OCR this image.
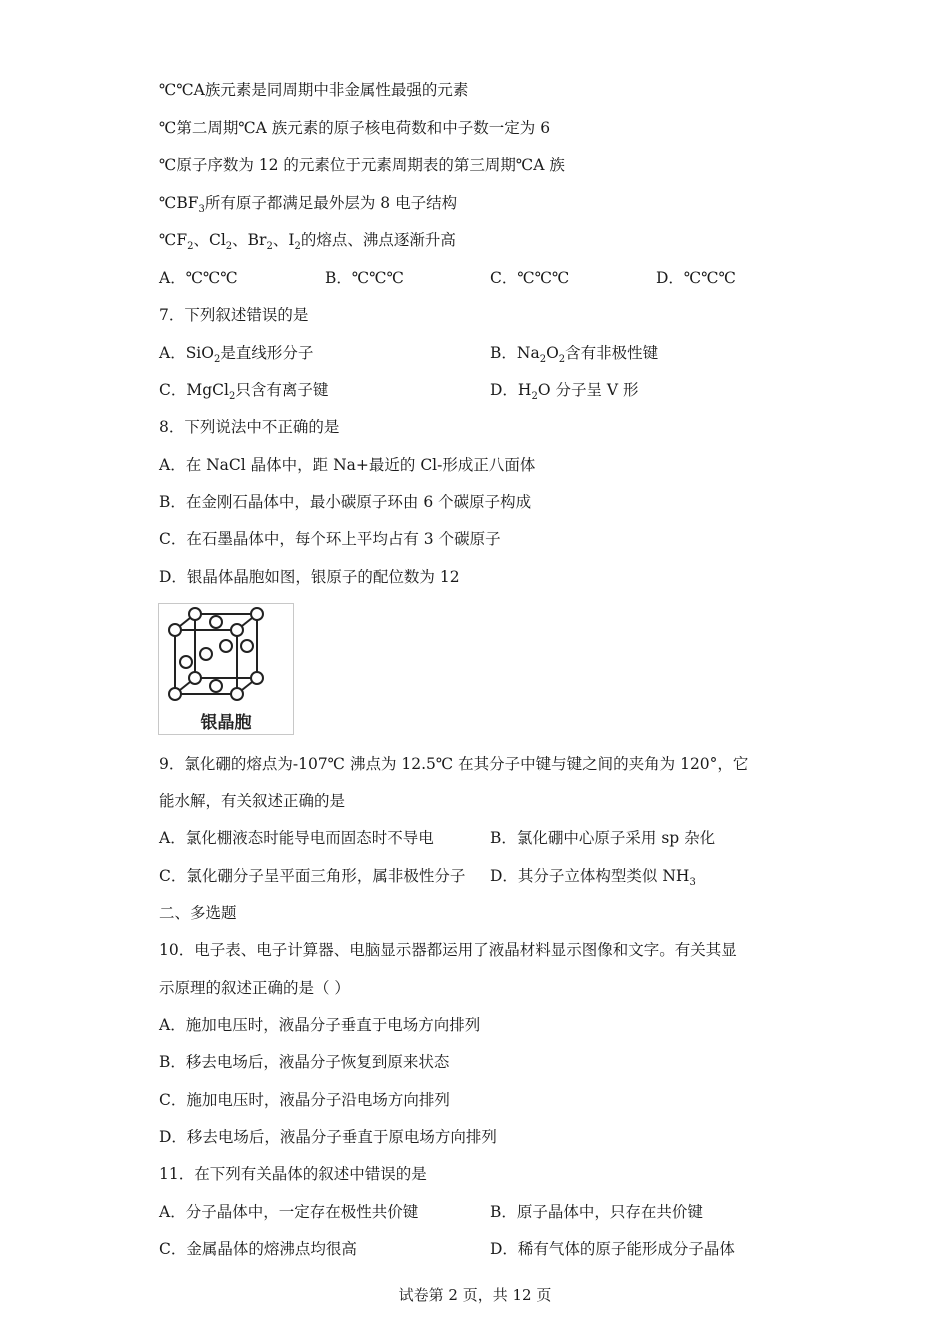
℃℃A族元素是同周期中非金属性最强的元素
℃第二周期℃A 族元素的原子核电荷数和中子数一定为 6
℃原子序数为 12 的元素位于元素周期表的第三周期℃A 族
$℃BF_3$所有原子都满足最外层为 8 电子结构
$℃F_2$、$Cl_2$、$Br_2$、$I_2$的熔点、沸点逐渐升高
A．℃℃℃	B．℃℃℃	C．℃℃℃	D．℃℃℃
7．下列叙述错误的是
A．SiO$_2$是直线形分子	B．$Na_2O_2$含有非极性键
C．MgCl$_2$只含有离子键	D．$H_2O$ 分子呈 V 形
8．下列说法中不正确的是
A．在 NaCl 晶体中，距 Na+最近的 Cl-形成正八面体
B．在金刚石晶体中，最小碳原子环由 6 个碳原子构成
C．在石墨晶体中，每个环上平均占有 3 个碳原子
D．银晶体晶胞如图，银原子的配位数为 12
银晶胞
9．氯化硼的熔点为-107℃ 沸点为 12.5℃ 在其分子中键与键之间的夹角为 120°，它
能水解，有关叙述正确的是
A．氯化棚液态时能导电而固态时不导电	B．氯化硼中心原子采用 sp 杂化
C．氯化硼分子呈平面三角形，属非极性分子 D．其分子立体构型类似 $NH_3$
二、多选题
10．电子表、电子计算器、电脑显示器都运用了液晶材料显示图像和文字。有关其显
示原理的叙述正确的是（ ）
A．施加电压时，液晶分子垂直于电场方向排列
B．移去电场后，液晶分子恢复到原来状态
C．施加电压时，液晶分子沿电场方向排列
D．移去电场后，液晶分子垂直于原电场方向排列
11．在下列有关晶体的叙述中错误的是
A．分子晶体中，一定存在极性共价键	B．原子晶体中，只存在共价键
C．金属晶体的熔沸点均很高	D．稀有气体的原子能形成分子晶体
试卷第 2 页，共 12 页
